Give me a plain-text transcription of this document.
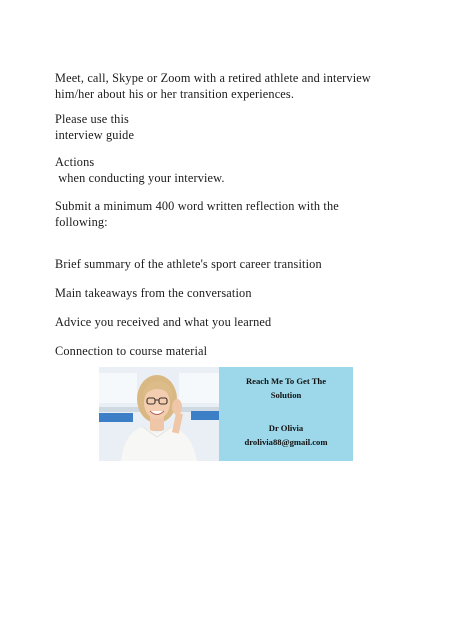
Meet, call, Skype or Zoom with a retired athlete and interview
him/her about his or her transition experiences.
Please use this
interview guide
Actions
when conducting your interview.
Submit a minimum 400 word written reflection with the
following:
Brief summary of the athlete's sport career transition
Main takeaways from the conversation
Advice you received and what you learned
Connection to course material
Reach Me To Get The
Solution
Dr Olivia
drolivia88@gmail.com
